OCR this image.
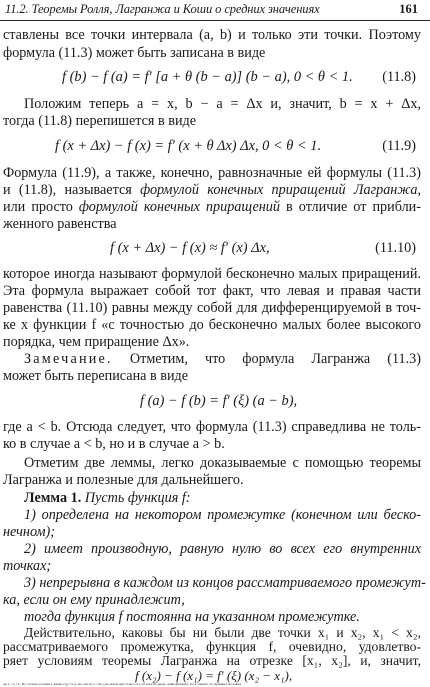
11.2. Теоремы Ролля, Лагранжа и Коши о средних значениях	161
ставлены все точки интервала (a, b) и только эти точки. Поэтому
формула (11.3) может быть записана в виде
f (b) − f (a) = f′ [a + θ (b − a)] (b − a), 0 < θ < 1. (11.8)
Положим теперь a = x, b − a = Δx и, значит, b = x + Δx,
тогда (11.8) перепишется в виде
f (x + Δx) − f (x) = f′ (x + θ Δx) Δx, 0 < θ < 1.	(11.9)
Формула (11.9), а также, конечно, равнозначные ей формулы (11.3)
и (11.8), называется формулой конечных приращений Лагранжа,
или просто формулой конечных приращений в отличие от прибли-
женного равенства
f (x + Δx) − f (x) ≈ f′ (x) Δx,	(11.10)
которое иногда называют формулой бесконечно малых приращений.
Эта формула выражает собой тот факт, что левая и правая части
равенства (11.10) равны между собой для дифференцируемой в точ-
ке x функции f «с точностью до бесконечно малых более высокого
порядка, чем приращение Δx».
Замечание. Отметим, что формула Лагранжа (11.3)
может быть переписана в виде
f (a) − f (b) = f′ (ξ) (a − b),
где a < b. Отсюда следует, что формула (11.3) справедлива не толь-
ко в случае a < b, но и в случае a > b.
Отметим две леммы, легко доказываемые с помощью теоремы
Лагранжа и полезные для дальнейшего.
Лемма 1. Пусть функция f:
1) определена на некотором промежутке (конечном или беско-
нечном);
2) имеет производную, равную нулю во всех его внутренних
точках;
3) непрерывна в каждом из концов рассматриваемого промежут-
ка, если он ему принадлежит,
тогда функция f постоянна на указанном промежутке.
Действительно, каковы бы ни были две точки x₁ и x₂, x₁ < x₂,
рассматриваемого промежутка, функция f, очевидно, удовлетво-
ряет условиям теоремы Лагранжа на отрезке [x₁, x₂], и, значит,
f (x₂) − f (x₁) = f′ (ξ) (x₂ − x₁),
где x₁ < ξ < x₂. Но, согласно условию 2 леммы, f′(ξ) = 0, и, зна- чит, f(x₁) = f(x₂) для любых двух точек x₁ и x₂ из области опреде- ления функции f, что и означает, что функция f постоянна.
